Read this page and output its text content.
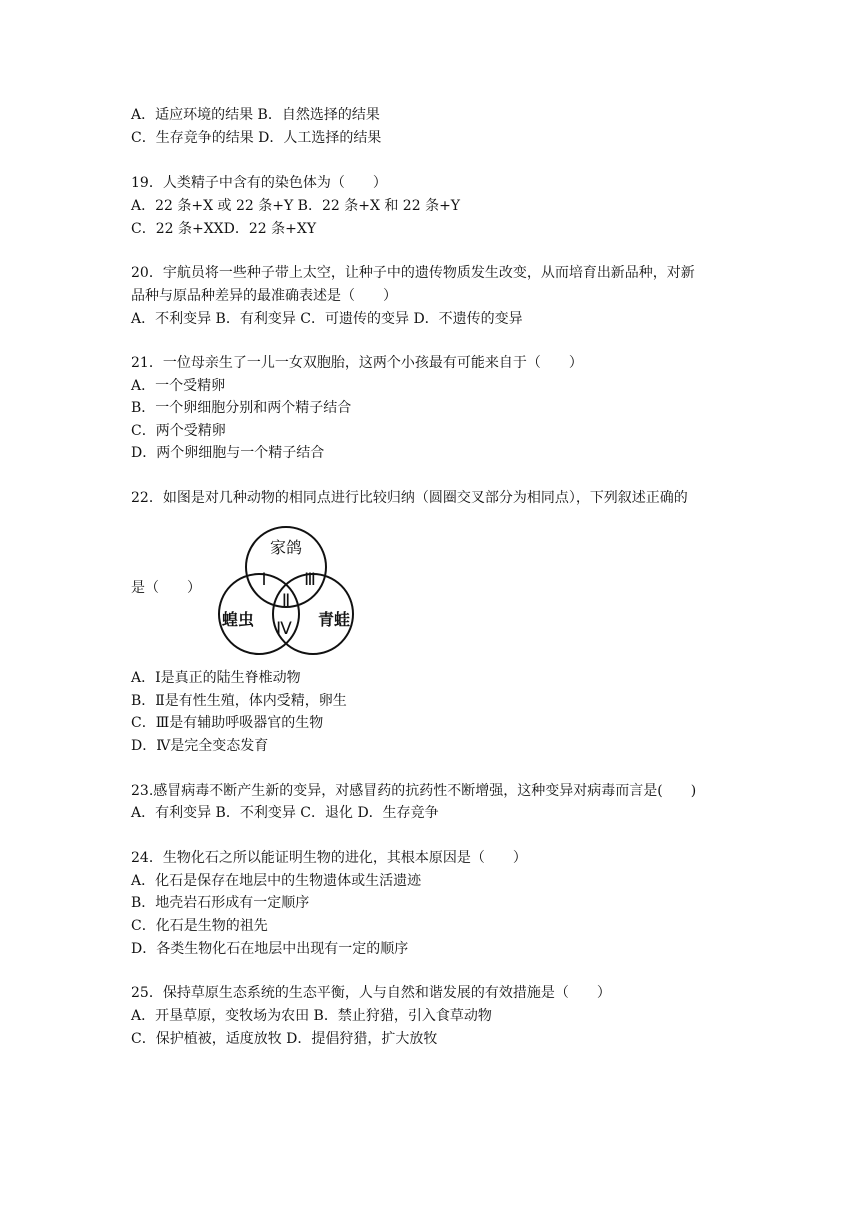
A．适应环境的结果 B．自然选择的结果
C．生存竞争的结果 D．人工选择的结果
19．人类精子中含有的染色体为（　　）
A．22 条+X 或 22 条+Y B．22 条+X 和 22 条+Y
C．22 条+XXD．22 条+XY
20．宇航员将一些种子带上太空，让种子中的遗传物质发生改变，从而培育出新品种，对新
品种与原品种差异的最准确表述是（　　）
A．不利变异 B．有利变异 C．可遗传的变异 D．不遗传的变异
21．一位母亲生了一儿一女双胞胎，这两个小孩最有可能来自于（　　）
A．一个受精卵
B．一个卵细胞分别和两个精子结合
C．两个受精卵
D．两个卵细胞与一个精子结合
22．如图是对几种动物的相同点进行比较归纳（圆圈交叉部分为相同点），下列叙述正确的
是（　　）
家鸽
蝗虫	青蛙
Ⅰ
Ⅱ
Ⅲ
Ⅳ
A．Ⅰ是真正的陆生脊椎动物
B．Ⅱ是有性生殖，体内受精，卵生
C．Ⅲ是有辅助呼吸器官的生物
D．Ⅳ是完全变态发育
23.感冒病毒不断产生新的变异，对感冒药的抗药性不断增强，这种变异对病毒而言是(　　)
A．有利变异 B．不利变异 C．退化 D．生存竞争
24．生物化石之所以能证明生物的进化，其根本原因是（　　）
A．化石是保存在地层中的生物遗体或生活遗迹
B．地壳岩石形成有一定顺序
C．化石是生物的祖先
D．各类生物化石在地层中出现有一定的顺序
25．保持草原生态系统的生态平衡，人与自然和谐发展的有效措施是（　　）
A．开垦草原，变牧场为农田 B．禁止狩猎，引入食草动物
C．保护植被，适度放牧 D．提倡狩猎，扩大放牧
